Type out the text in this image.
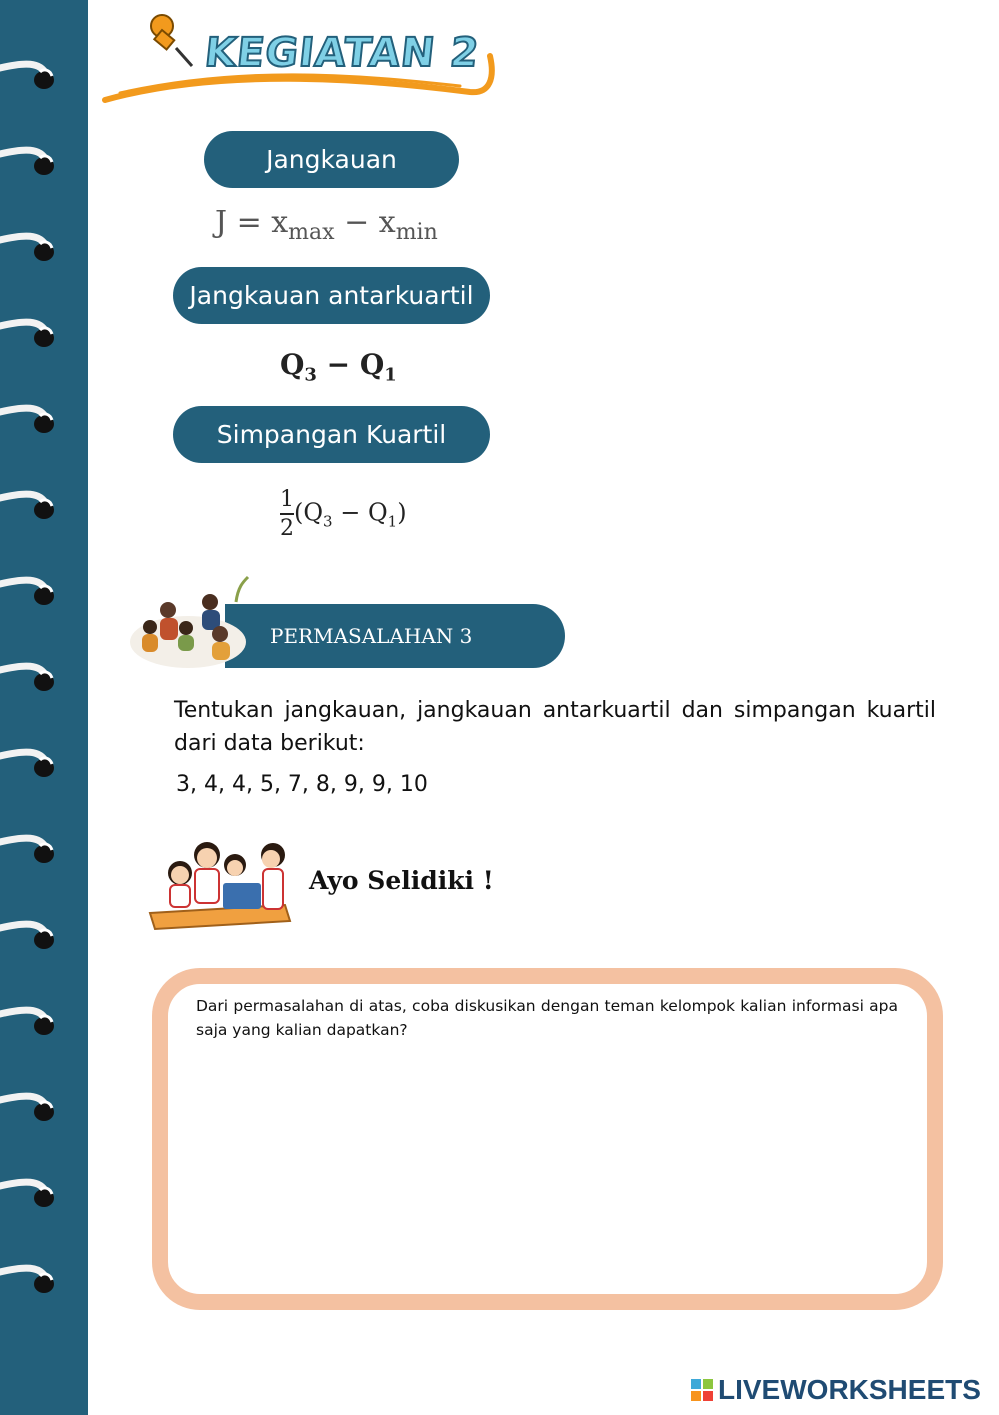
KEGIATAN 2
Jangkauan
$J = x_{max} - x_{min}$
Jangkauan antarkuartil
$Q_3 - Q_1$
Simpangan Kuartil
$\frac{1}{2} (Q_3 - Q_1)$
PERMASALAHAN 3
Tentukan jangkauan, jangkauan antarkuartil dan simpangan kuartil dari data berikut:
3, 4, 4, 5, 7, 8, 9, 9, 10
Ayo Selidiki !
Dari permasalahan di atas, coba diskusikan dengan teman kelompok kalian informasi apa saja yang kalian dapatkan?
LIVEWORKSHEETS
